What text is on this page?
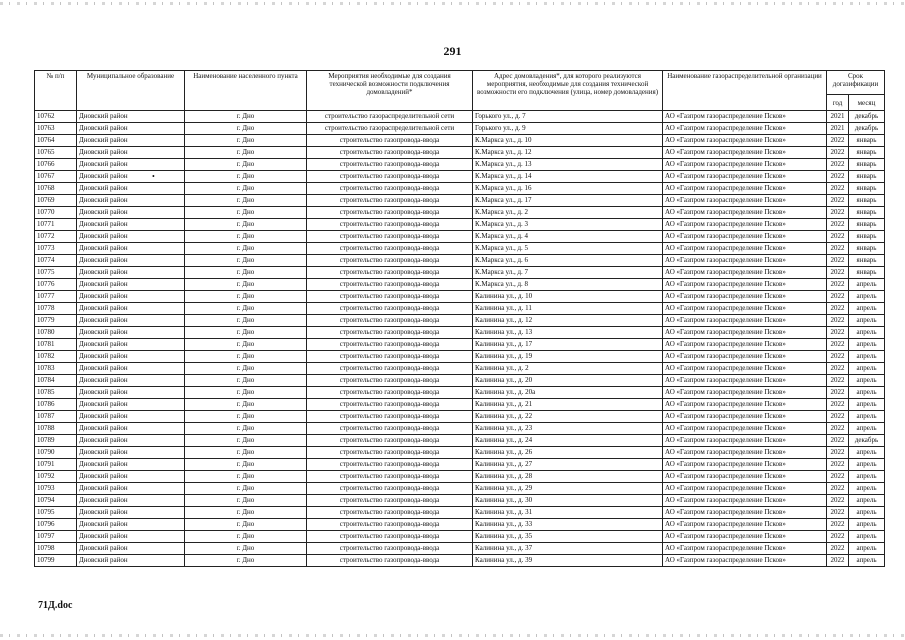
291
№ п/п	Муниципальное образование	Наименование населенного пункта	Мероприятия необходимые для создания технической возможности подключения домовладений*	Адрес домовладения*, для которого реализуются мероприятия, необходимые для создания технической возможности его подключения (улица, номер домовладения)	Наименование газораспределительной организации	Срок догазификации	
						год	месяц
10762	Дновский район	г. Дно	строительство газораспределительной сети	Горького ул., д. 7	АО «Газпром газораспределение Псков»	2021	декабрь
10763	Дновский район	г. Дно	строительство газораспределительной сети	Горького ул., д. 9	АО «Газпром газораспределение Псков»	2021	декабрь
10764	Дновский район	г. Дно	строительство газопровода-ввода	К.Маркса ул., д. 10	АО «Газпром газораспределение Псков»	2022	январь
10765	Дновский район	г. Дно	строительство газопровода-ввода	К.Маркса ул., д. 12	АО «Газпром газораспределение Псков»	2022	январь
10766	Дновский район	г. Дно	строительство газопровода-ввода	К.Маркса ул., д. 13	АО «Газпром газораспределение Псков»	2022	январь
10767	Дновский район	г. Дно	строительство газопровода-ввода	К.Маркса ул., д. 14	АО «Газпром газораспределение Псков»	2022	январь
10768	Дновский район	г. Дно	строительство газопровода-ввода	К.Маркса ул., д. 16	АО «Газпром газораспределение Псков»	2022	январь
10769	Дновский район	г. Дно	строительство газопровода-ввода	К.Маркса ул., д. 17	АО «Газпром газораспределение Псков»	2022	январь
10770	Дновский район	г. Дно	строительство газопровода-ввода	К.Маркса ул., д. 2	АО «Газпром газораспределение Псков»	2022	январь
10771	Дновский район	г. Дно	строительство газопровода-ввода	К.Маркса ул., д. 3	АО «Газпром газораспределение Псков»	2022	январь
10772	Дновский район	г. Дно	строительство газопровода-ввода	К.Маркса ул., д. 4	АО «Газпром газораспределение Псков»	2022	январь
10773	Дновский район	г. Дно	строительство газопровода-ввода	К.Маркса ул., д. 5	АО «Газпром газораспределение Псков»	2022	январь
10774	Дновский район	г. Дно	строительство газопровода-ввода	К.Маркса ул., д. 6	АО «Газпром газораспределение Псков»	2022	январь
10775	Дновский район	г. Дно	строительство газопровода-ввода	К.Маркса ул., д. 7	АО «Газпром газораспределение Псков»	2022	январь
10776	Дновский район	г. Дно	строительство газопровода-ввода	К.Маркса ул., д. 8	АО «Газпром газораспределение Псков»	2022	апрель
10777	Дновский район	г. Дно	строительство газопровода-ввода	Калинина ул., д. 10	АО «Газпром газораспределение Псков»	2022	апрель
10778	Дновский район	г. Дно	строительство газопровода-ввода	Калинина ул., д. 11	АО «Газпром газораспределение Псков»	2022	апрель
10779	Дновский район	г. Дно	строительство газопровода-ввода	Калинина ул., д. 12	АО «Газпром газораспределение Псков»	2022	апрель
10780	Дновский район	г. Дно	строительство газопровода-ввода	Калинина ул., д. 13	АО «Газпром газораспределение Псков»	2022	апрель
10781	Дновский район	г. Дно	строительство газопровода-ввода	Калинина ул., д. 17	АО «Газпром газораспределение Псков»	2022	апрель
10782	Дновский район	г. Дно	строительство газопровода-ввода	Калинина ул., д. 19	АО «Газпром газораспределение Псков»	2022	апрель
10783	Дновский район	г. Дно	строительство газопровода-ввода	Калинина ул., д. 2	АО «Газпром газораспределение Псков»	2022	апрель
10784	Дновский район	г. Дно	строительство газопровода-ввода	Калинина ул., д. 20	АО «Газпром газораспределение Псков»	2022	апрель
10785	Дновский район	г. Дно	строительство газопровода-ввода	Калинина ул., д. 20а	АО «Газпром газораспределение Псков»	2022	апрель
10786	Дновский район	г. Дно	строительство газопровода-ввода	Калинина ул., д. 21	АО «Газпром газораспределение Псков»	2022	апрель
10787	Дновский район	г. Дно	строительство газопровода-ввода	Калинина ул., д. 22	АО «Газпром газораспределение Псков»	2022	апрель
10788	Дновский район	г. Дно	строительство газопровода-ввода	Калинина ул., д. 23	АО «Газпром газораспределение Псков»	2022	апрель
10789	Дновский район	г. Дно	строительство газопровода-ввода	Калинина ул., д. 24	АО «Газпром газораспределение Псков»	2022	декабрь
10790	Дновский район	г. Дно	строительство газопровода-ввода	Калинина ул., д. 26	АО «Газпром газораспределение Псков»	2022	апрель
10791	Дновский район	г. Дно	строительство газопровода-ввода	Калинина ул., д. 27	АО «Газпром газораспределение Псков»	2022	апрель
10792	Дновский район	г. Дно	строительство газопровода-ввода	Калинина ул., д. 28	АО «Газпром газораспределение Псков»	2022	апрель
10793	Дновский район	г. Дно	строительство газопровода-ввода	Калинина ул., д. 29	АО «Газпром газораспределение Псков»	2022	апрель
10794	Дновский район	г. Дно	строительство газопровода-ввода	Калинина ул., д. 30	АО «Газпром газораспределение Псков»	2022	апрель
10795	Дновский район	г. Дно	строительство газопровода-ввода	Калинина ул., д. 31	АО «Газпром газораспределение Псков»	2022	апрель
10796	Дновский район	г. Дно	строительство газопровода-ввода	Калинина ул., д. 33	АО «Газпром газораспределение Псков»	2022	апрель
10797	Дновский район	г. Дно	строительство газопровода-ввода	Калинина ул., д. 35	АО «Газпром газораспределение Псков»	2022	апрель
10798	Дновский район	г. Дно	строительство газопровода-ввода	Калинина ул., д. 37	АО «Газпром газораспределение Псков»	2022	апрель
10799	Дновский район	г. Дно	строительство газопровода-ввода	Калинина ул., д. 39	АО «Газпром газораспределение Псков»	2022	апрель
•
71Д.doc
